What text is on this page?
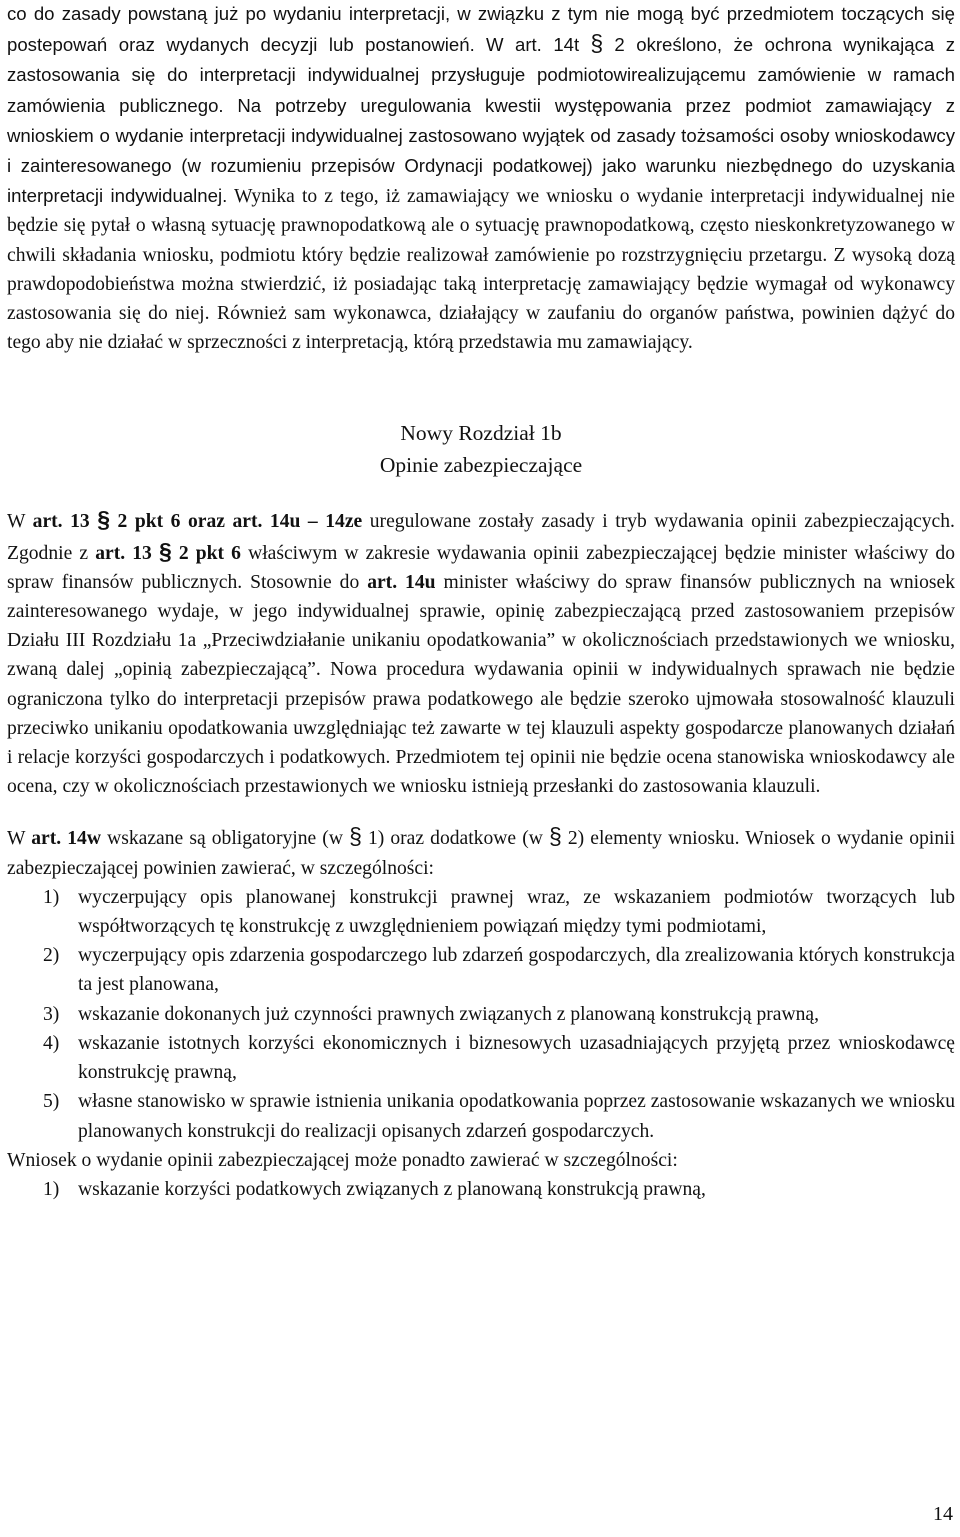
co do zasady powstaną już po wydaniu interpretacji, w związku z tym nie mogą być przedmiotem toczących się postepowań oraz wydanych decyzji lub postanowień. W art. 14t § 2 określono, że ochrona wynikająca z zastosowania się do interpretacji indywidualnej przysługuje podmiotowirealizującemu zamówienie w ramach zamówienia publicznego. Na potrzeby uregulowania kwestii występowania przez podmiot zamawiający z wnioskiem o wydanie interpretacji indywidualnej zastosowano wyjątek od zasady tożsamości osoby wnioskodawcy i zainteresowanego (w rozumieniu przepisów Ordynacji podatkowej) jako warunku niezbędnego do uzyskania interpretacji indywidualnej. Wynika to z tego, iż zamawiający we wniosku o wydanie interpretacji indywidualnej nie będzie się pytał o własną sytuację prawnopodatkową ale o sytuację prawnopodatkową, często nieskonkretyzowanego w chwili składania wniosku, podmiotu który będzie realizował zamówienie po rozstrzygnięciu przetargu. Z wysoką dozą prawdopodobieństwa można stwierdzić, iż posiadając taką interpretację zamawiający będzie wymagał od wykonawcy zastosowania się do niej. Również sam wykonawca, działający w zaufaniu do organów państwa, powinien dążyć do tego aby nie działać w sprzeczności z interpretacją, którą przedstawia mu zamawiający.

Nowy Rozdział 1b
Opinie zabezpieczające

W art. 13 § 2 pkt 6 oraz art. 14u – 14ze uregulowane zostały zasady i tryb wydawania opinii zabezpieczających. Zgodnie z art. 13 § 2 pkt 6 właściwym w zakresie wydawania opinii zabezpieczającej będzie minister właściwy do spraw finansów publicznych. Stosownie do art. 14u minister właściwy do spraw finansów publicznych na wniosek zainteresowanego wydaje, w jego indywidualnej sprawie, opinię zabezpieczającą przed zastosowaniem przepisów Działu III Rozdziału 1a „Przeciwdziałanie unikaniu opodatkowania” w okolicznościach przedstawionych we wniosku, zwaną dalej „opinią zabezpieczającą”. Nowa procedura wydawania opinii w indywidualnych sprawach nie będzie ograniczona tylko do interpretacji przepisów prawa podatkowego ale będzie szeroko ujmowała stosowalność klauzuli przeciwko unikaniu opodatkowania uwzględniając też zawarte w tej klauzuli aspekty gospodarcze planowanych działań i relacje korzyści gospodarczych i podatkowych. Przedmiotem tej opinii nie będzie ocena stanowiska wnioskodawcy ale ocena, czy w okolicznościach przestawionych we wniosku istnieją przesłanki do zastosowania klauzuli.

W art. 14w wskazane są obligatoryjne (w § 1) oraz dodatkowe (w § 2) elementy wniosku. Wniosek o wydanie opinii zabezpieczającej powinien zawierać, w szczególności:

1) wyczerpujący opis planowanej konstrukcji prawnej wraz, ze wskazaniem podmiotów tworzących lub współtworzących tę konstrukcję z uwzględnieniem powiązań między tymi podmiotami,
2) wyczerpujący opis zdarzenia gospodarczego lub zdarzeń gospodarczych, dla zrealizowania których konstrukcja ta jest planowana,
3) wskazanie dokonanych już czynności prawnych związanych z planowaną konstrukcją prawną,
4) wskazanie istotnych korzyści ekonomicznych i biznesowych uzasadniających przyjętą przez wnioskodawcę konstrukcję prawną,
5) własne stanowisko w sprawie istnienia unikania opodatkowania poprzez zastosowanie wskazanych we wniosku planowanych konstrukcji do realizacji opisanych zdarzeń gospodarczych.

Wniosek o wydanie opinii zabezpieczającej może ponadto zawierać w szczególności:

1) wskazanie korzyści podatkowych związanych z planowaną konstrukcją prawną,
14
